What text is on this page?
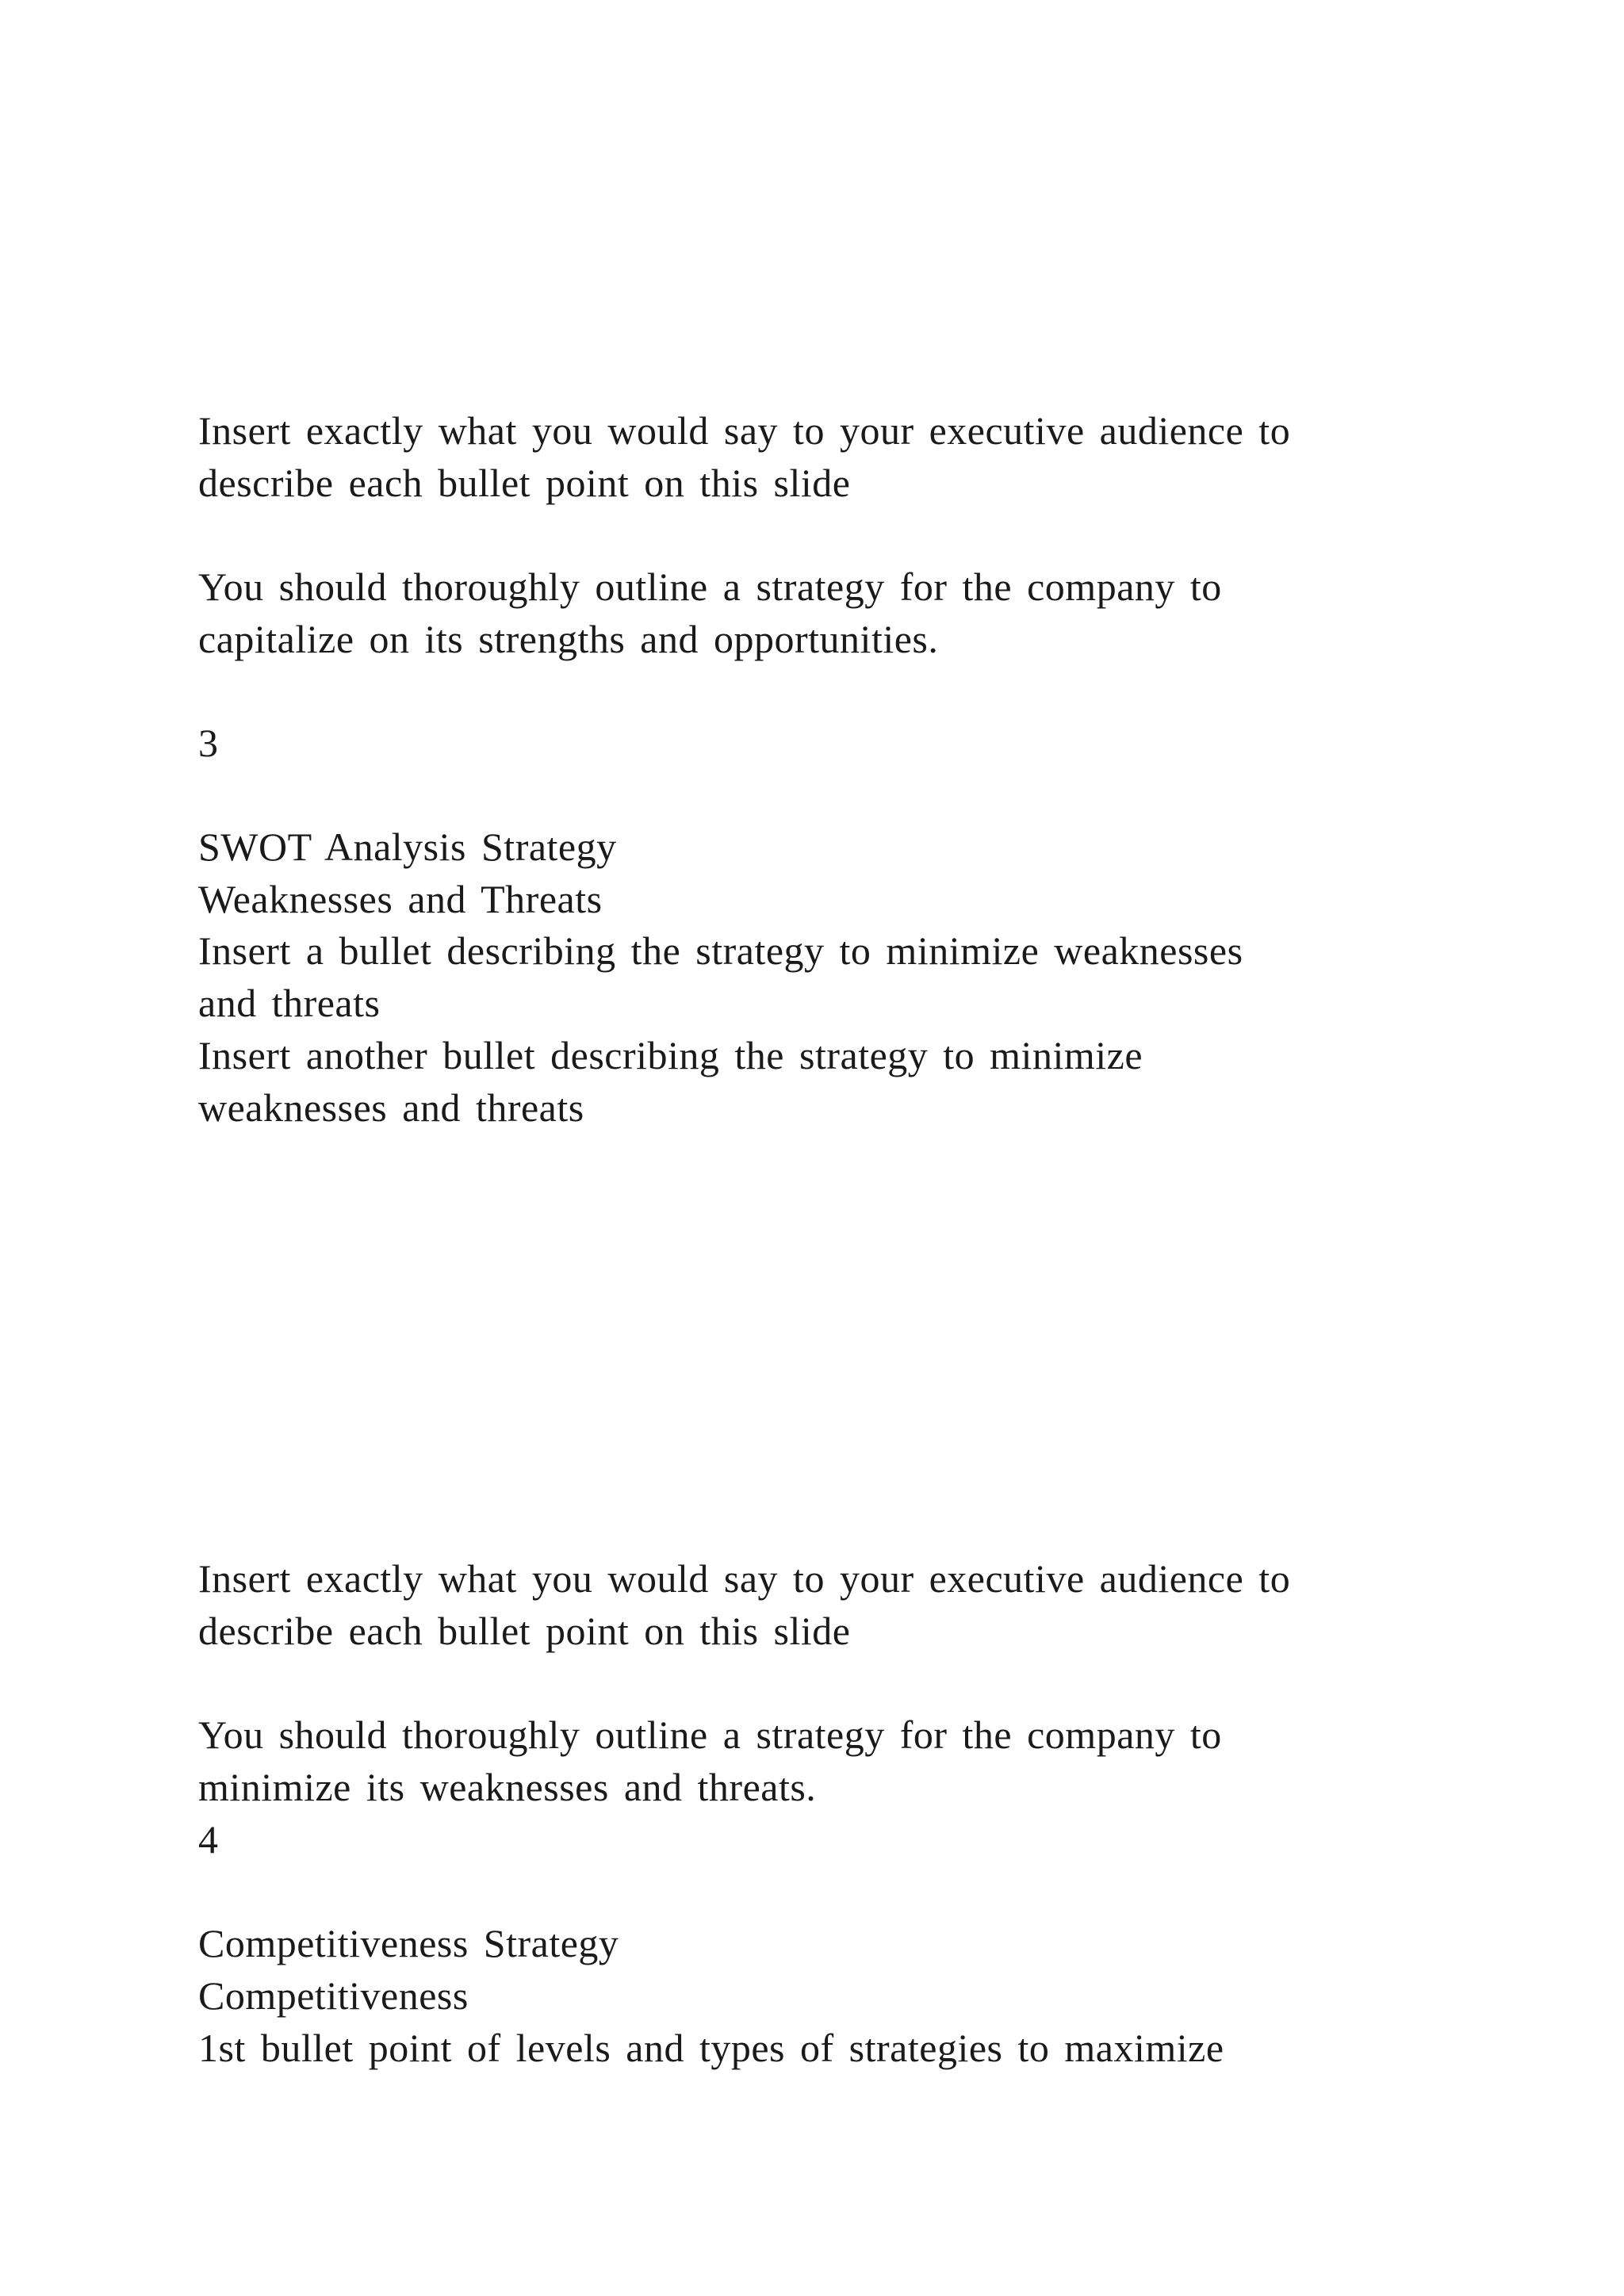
Insert exactly what you would say to your executive audience to
describe each bullet point on this slide
You should thoroughly outline a strategy for the company to
capitalize on its strengths and opportunities.
3
SWOT Analysis Strategy
Weaknesses and Threats
Insert a bullet describing the strategy to minimize weaknesses
and threats
Insert another bullet describing the strategy to minimize
weaknesses and threats
Insert exactly what you would say to your executive audience to
describe each bullet point on this slide
You should thoroughly outline a strategy for the company to
minimize its weaknesses and threats.
4
Competitiveness Strategy
Competitiveness
1st bullet point of levels and types of strategies to maximize
